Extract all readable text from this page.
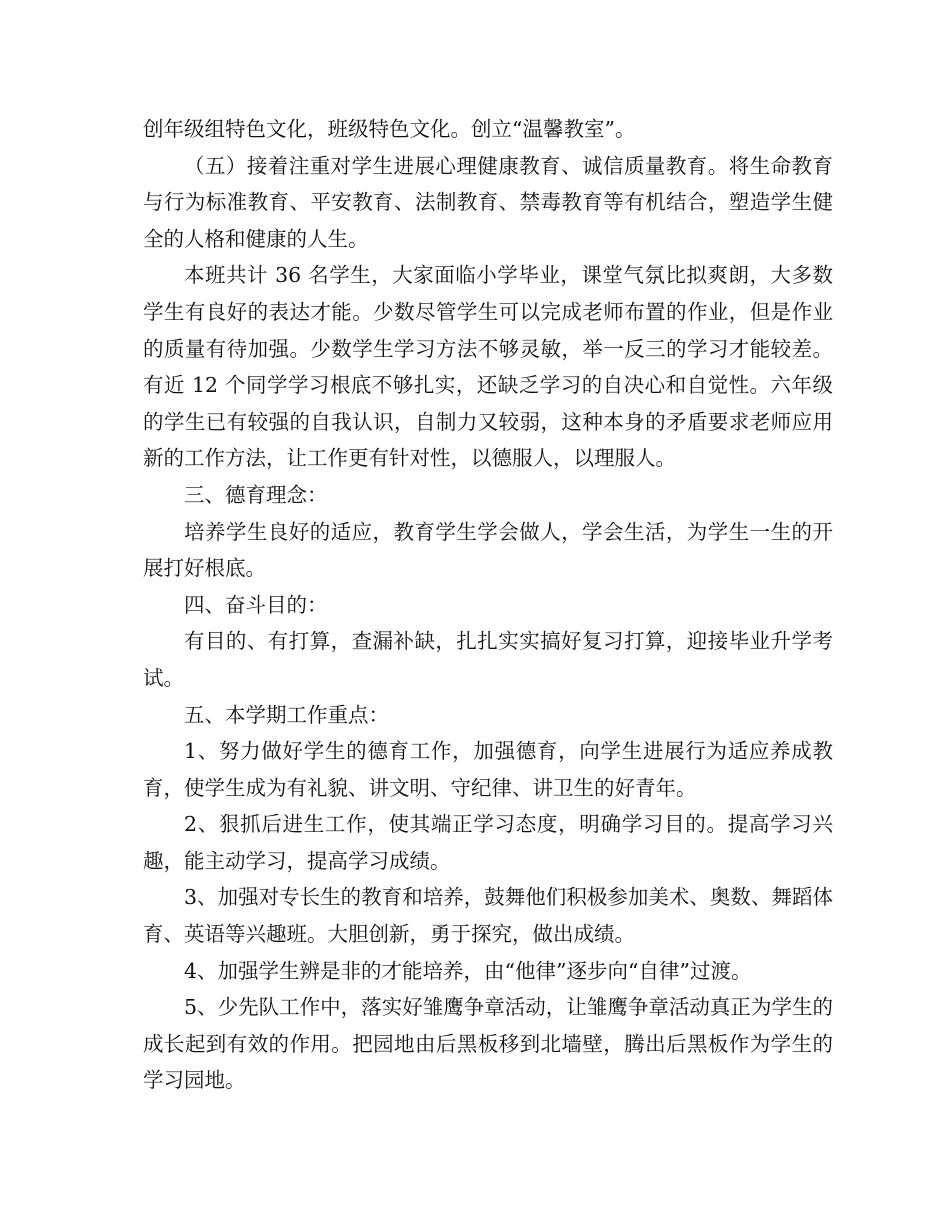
创年级组特色文化，班级特色文化。创立“温馨教室”。

（五）接着注重对学生进展心理健康教育、诚信质量教育。将生命教育与行为标准教育、平安教育、法制教育、禁毒教育等有机结合，塑造学生健全的人格和健康的人生。

本班共计 36 名学生，大家面临小学毕业，课堂气氛比拟爽朗，大多数学生有良好的表达才能。少数尽管学生可以完成老师布置的作业，但是作业的质量有待加强。少数学生学习方法不够灵敏，举一反三的学习才能较差。有近 12 个同学学习根底不够扎实，还缺乏学习的自决心和自觉性。六年级的学生已有较强的自我认识，自制力又较弱，这种本身的矛盾要求老师应用新的工作方法，让工作更有针对性，以德服人，以理服人。

三、德育理念：

培养学生良好的适应，教育学生学会做人，学会生活，为学生一生的开展打好根底。

四、奋斗目的：

有目的、有打算，查漏补缺，扎扎实实搞好复习打算，迎接毕业升学考试。

五、本学期工作重点：

1、努力做好学生的德育工作，加强德育，向学生进展行为适应养成教育，使学生成为有礼貌、讲文明、守纪律、讲卫生的好青年。

2、狠抓后进生工作，使其端正学习态度，明确学习目的。提高学习兴趣，能主动学习，提高学习成绩。

3、加强对专长生的教育和培养，鼓舞他们积极参加美术、奥数、舞蹈体育、英语等兴趣班。大胆创新，勇于探究，做出成绩。

4、加强学生辨是非的才能培养，由“他律”逐步向“自律”过渡。

5、少先队工作中，落实好雏鹰争章活动，让雏鹰争章活动真正为学生的成长起到有效的作用。把园地由后黑板移到北墙壁，腾出后黑板作为学生的学习园地。
